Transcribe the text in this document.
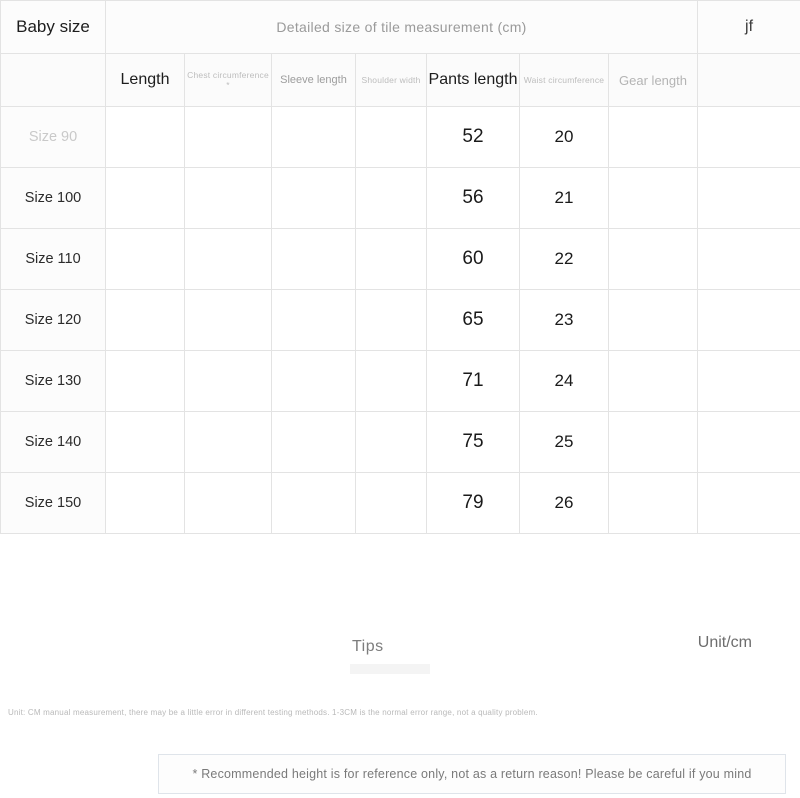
Baby size	Detailed size of tile measurement (cm)							jf
	Length	Chest circumference *	Sleeve length	Shoulder width	Pants length	Waist circumference	Gear length	
Size 90					52	20		
Size 100					56	21		
Size 110					60	22		
Size 120					65	23		
Size 130					71	24		
Size 140					75	25		
Size 150					79	26		
Tips	Unit/cm
Unit: CM manual measurement, there may be a little error in different testing methods. 1-3CM is the normal error range, not a quality problem.
* Recommended height is for reference only, not as a return reason! Please be careful if you mind
